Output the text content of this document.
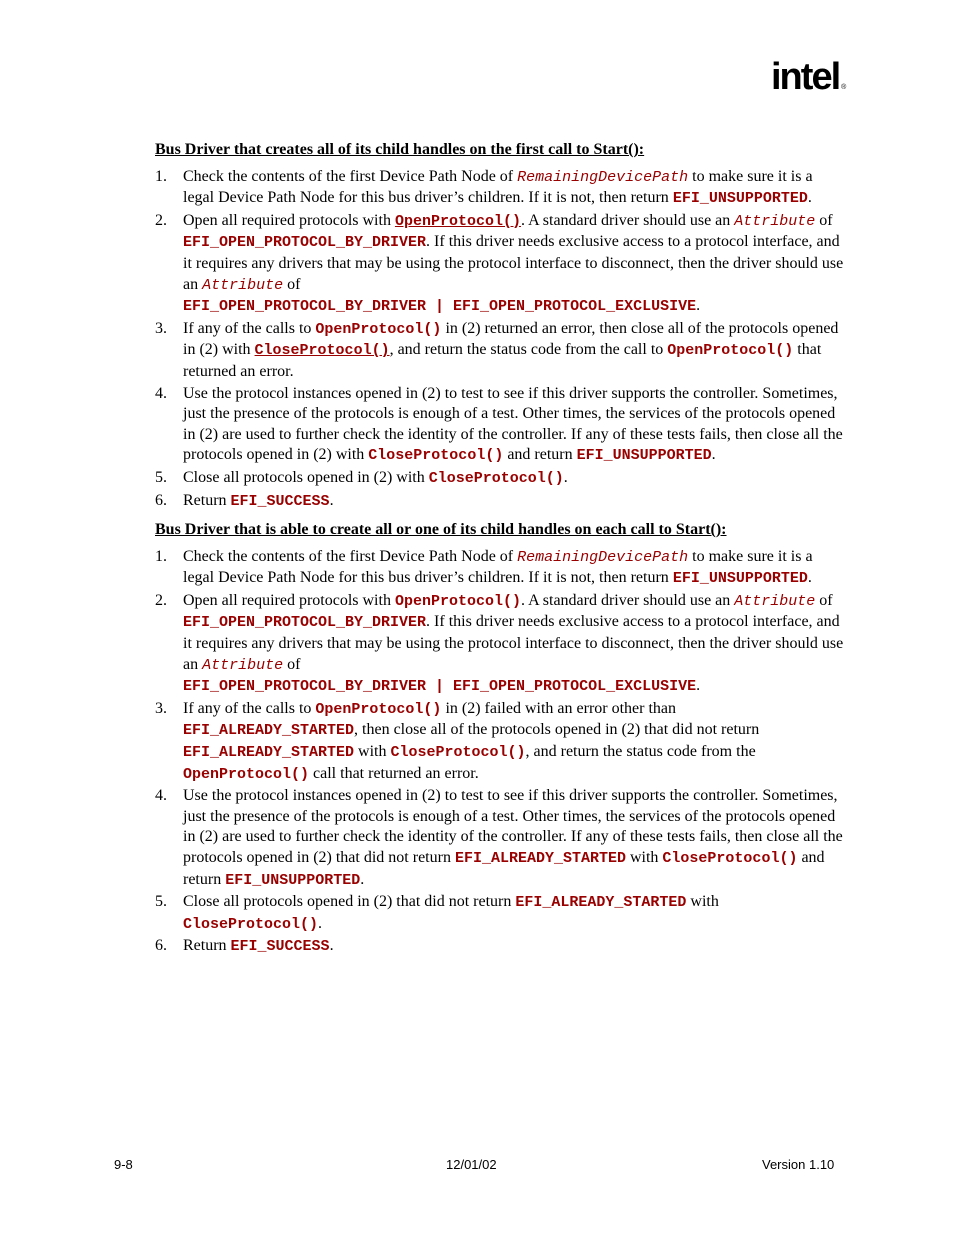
intel ®

Bus Driver that creates all of its child handles on the first call to Start():

1. Check the contents of the first Device Path Node of RemainingDevicePath to make sure it is a legal Device Path Node for this bus driver’s children. If it is not, then return EFI_UNSUPPORTED.
2. Open all required protocols with OpenProtocol(). A standard driver should use an Attribute of EFI_OPEN_PROTOCOL_BY_DRIVER. If this driver needs exclusive access to a protocol interface, and it requires any drivers that may be using the protocol interface to disconnect, then the driver should use an Attribute of
EFI_OPEN_PROTOCOL_BY_DRIVER | EFI_OPEN_PROTOCOL_EXCLUSIVE.
3. If any of the calls to OpenProtocol() in (2) returned an error, then close all of the protocols opened in (2) with CloseProtocol(), and return the status code from the call to OpenProtocol() that returned an error.
4. Use the protocol instances opened in (2) to test to see if this driver supports the controller. Sometimes, just the presence of the protocols is enough of a test. Other times, the services of the protocols opened in (2) are used to further check the identity of the controller. If any of these tests fails, then close all the protocols opened in (2) with CloseProtocol() and return EFI_UNSUPPORTED.
5. Close all protocols opened in (2) with CloseProtocol().
6. Return EFI_SUCCESS.

Bus Driver that is able to create all or one of its child handles on each call to Start():

1. Check the contents of the first Device Path Node of RemainingDevicePath to make sure it is a legal Device Path Node for this bus driver’s children. If it is not, then return EFI_UNSUPPORTED.
2. Open all required protocols with OpenProtocol(). A standard driver should use an Attribute of EFI_OPEN_PROTOCOL_BY_DRIVER. If this driver needs exclusive access to a protocol interface, and it requires any drivers that may be using the protocol interface to disconnect, then the driver should use an Attribute of
EFI_OPEN_PROTOCOL_BY_DRIVER | EFI_OPEN_PROTOCOL_EXCLUSIVE.
3. If any of the calls to OpenProtocol() in (2) failed with an error other than
EFI_ALREADY_STARTED, then close all of the protocols opened in (2) that did not return EFI_ALREADY_STARTED with CloseProtocol(), and return the status code from the OpenProtocol() call that returned an error.
4. Use the protocol instances opened in (2) to test to see if this driver supports the controller. Sometimes, just the presence of the protocols is enough of a test. Other times, the services of the protocols opened in (2) are used to further check the identity of the controller. If any of these tests fails, then close all the protocols opened in (2) that did not return EFI_ALREADY_STARTED with CloseProtocol() and return EFI_UNSUPPORTED.
5. Close all protocols opened in (2) that did not return EFI_ALREADY_STARTED with
CloseProtocol().
6. Return EFI_SUCCESS.
9-8	12/01/02	Version 1.10
